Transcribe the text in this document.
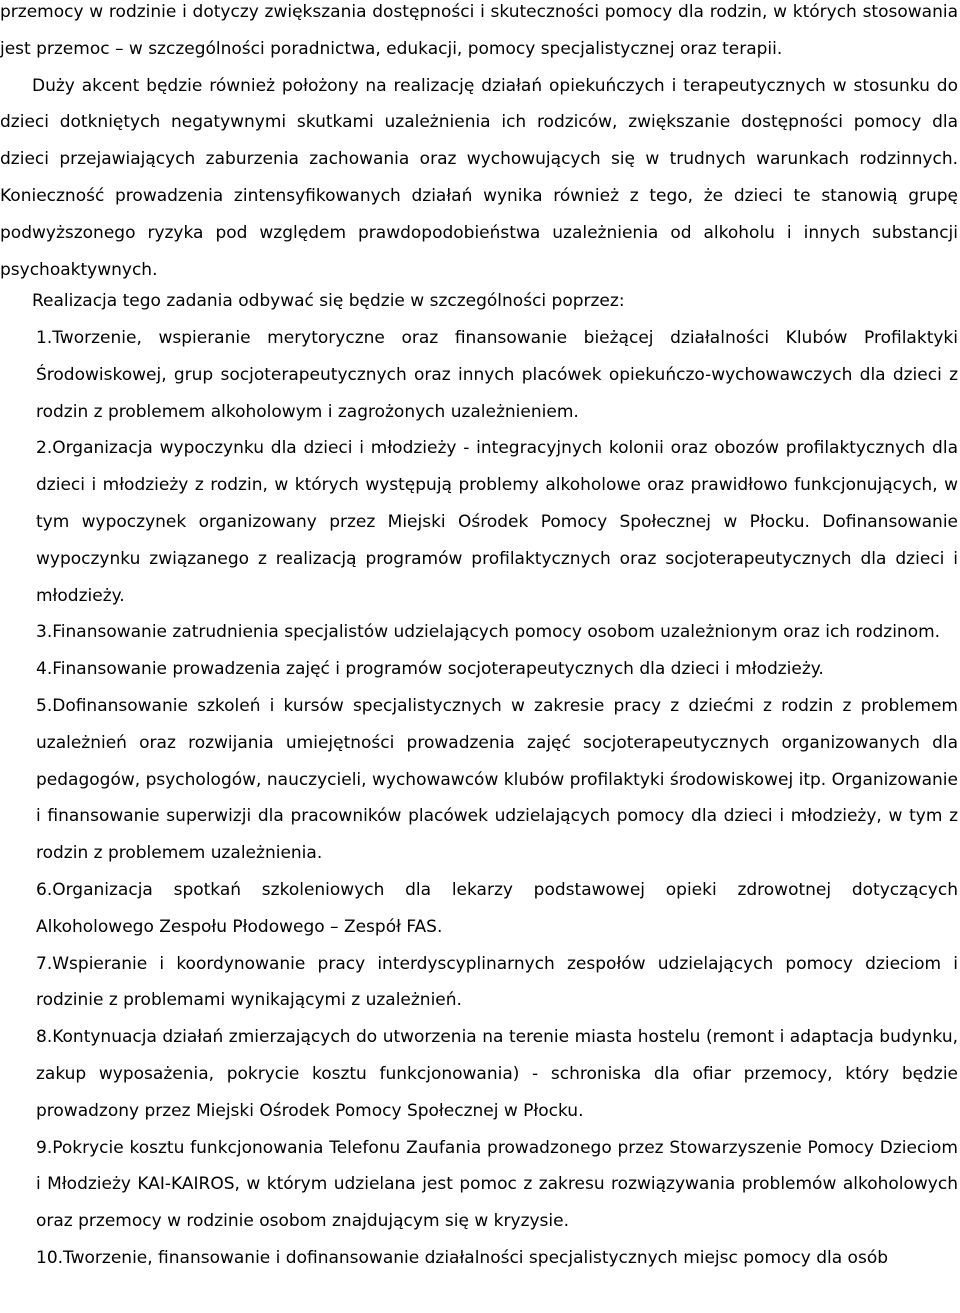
przemocy w rodzinie i dotyczy zwiększania dostępności i skuteczności pomocy dla rodzin, w których stosowania jest przemoc – w szczególności poradnictwa, edukacji, pomocy specjalistycznej oraz terapii.

Duży akcent będzie również położony na realizację działań opiekuńczych i terapeutycznych w stosunku do dzieci dotkniętych negatywnymi skutkami uzależnienia ich rodziców, zwiększanie dostępności pomocy dla dzieci przejawiających zaburzenia zachowania oraz wychowujących się w trudnych warunkach rodzinnych. Konieczność prowadzenia zintensyfikowanych działań wynika również z tego, że dzieci te stanowią grupę podwyższonego ryzyka pod względem prawdopodobieństwa uzależnienia od alkoholu i innych substancji psychoaktywnych.

Realizacja tego zadania odbywać się będzie w szczególności poprzez:

1.Tworzenie, wspieranie merytoryczne oraz finansowanie bieżącej działalności Klubów Profilaktyki Środowiskowej, grup socjoterapeutycznych oraz innych placówek opiekuńczo-wychowawczych dla dzieci z rodzin z problemem alkoholowym i zagrożonych uzależnieniem.
2.Organizacja wypoczynku dla dzieci i młodzieży - integracyjnych kolonii oraz obozów profilaktycznych dla dzieci i młodzieży z rodzin, w których występują problemy alkoholowe oraz prawidłowo funkcjonujących, w tym wypoczynek organizowany przez Miejski Ośrodek Pomocy Społecznej w Płocku. Dofinansowanie wypoczynku związanego z realizacją programów profilaktycznych oraz socjoterapeutycznych dla dzieci i młodzieży.
3.Finansowanie zatrudnienia specjalistów udzielających pomocy osobom uzależnionym oraz ich rodzinom.
4.Finansowanie prowadzenia zajęć i programów socjoterapeutycznych dla dzieci i młodzieży.
5.Dofinansowanie szkoleń i kursów specjalistycznych w zakresie pracy z dziećmi z rodzin z problemem uzależnień oraz rozwijania umiejętności prowadzenia zajęć socjoterapeutycznych organizowanych dla pedagogów, psychologów, nauczycieli, wychowawców klubów profilaktyki środowiskowej itp. Organizowanie i finansowanie superwizji dla pracowników placówek udzielających pomocy dla dzieci i młodzieży, w tym z rodzin z problemem uzależnienia.
6.Organizacja spotkań szkoleniowych dla lekarzy podstawowej opieki zdrowotnej dotyczących Alkoholowego Zespołu Płodowego – Zespół FAS.
7.Wspieranie i koordynowanie pracy interdyscyplinarnych zespołów udzielających pomocy dzieciom i rodzinie z problemami wynikającymi z uzależnień.
8.Kontynuacja działań zmierzających do utworzenia na terenie miasta hostelu (remont i adaptacja budynku, zakup wyposażenia, pokrycie kosztu funkcjonowania) - schroniska dla ofiar przemocy, który będzie prowadzony przez Miejski Ośrodek Pomocy Społecznej w Płocku.
9.Pokrycie kosztu funkcjonowania Telefonu Zaufania prowadzonego przez Stowarzyszenie Pomocy Dzieciom i Młodzieży KAI-KAIROS, w którym udzielana jest pomoc z zakresu rozwiązywania problemów alkoholowych oraz przemocy w rodzinie osobom znajdującym się w kryzysie.
10.Tworzenie, finansowanie i dofinansowanie działalności specjalistycznych miejsc pomocy dla osób
